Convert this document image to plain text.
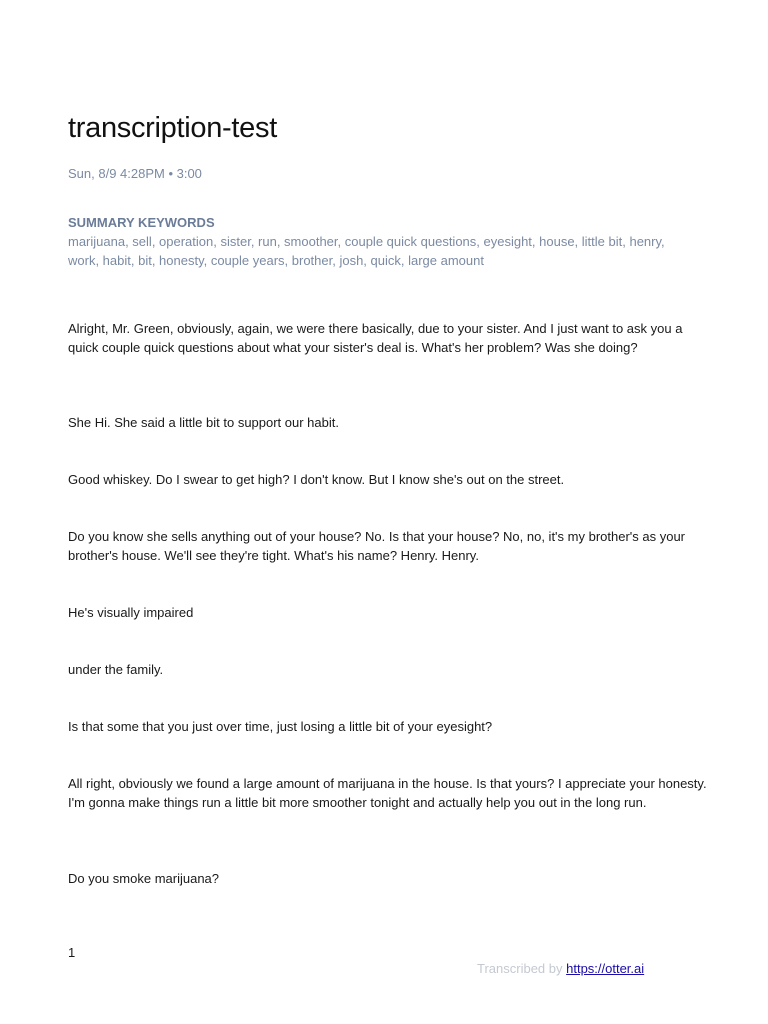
transcription-test
Sun, 8/9 4:28PM • 3:00
SUMMARY KEYWORDS
marijuana, sell, operation, sister, run, smoother, couple quick questions, eyesight, house, little bit, henry, work, habit, bit, honesty, couple years, brother, josh, quick, large amount

Alright, Mr. Green, obviously, again, we were there basically, due to your sister. And I just want to ask you a quick couple quick questions about what your sister's deal is. What's her problem? Was she doing?

She Hi. She said a little bit to support our habit.

Good whiskey. Do I swear to get high? I don't know. But I know she's out on the street.

Do you know she sells anything out of your house? No. Is that your house? No, no, it's my brother's as your brother's house. We'll see they're tight. What's his name? Henry. Henry.

He's visually impaired

under the family.

Is that some that you just over time, just losing a little bit of your eyesight?

All right, obviously we found a large amount of marijuana in the house. Is that yours? I appreciate your honesty. I'm gonna make things run a little bit more smoother tonight and actually help you out in the long run.

Do you smoke marijuana?

1
Transcribed by https://otter.ai
